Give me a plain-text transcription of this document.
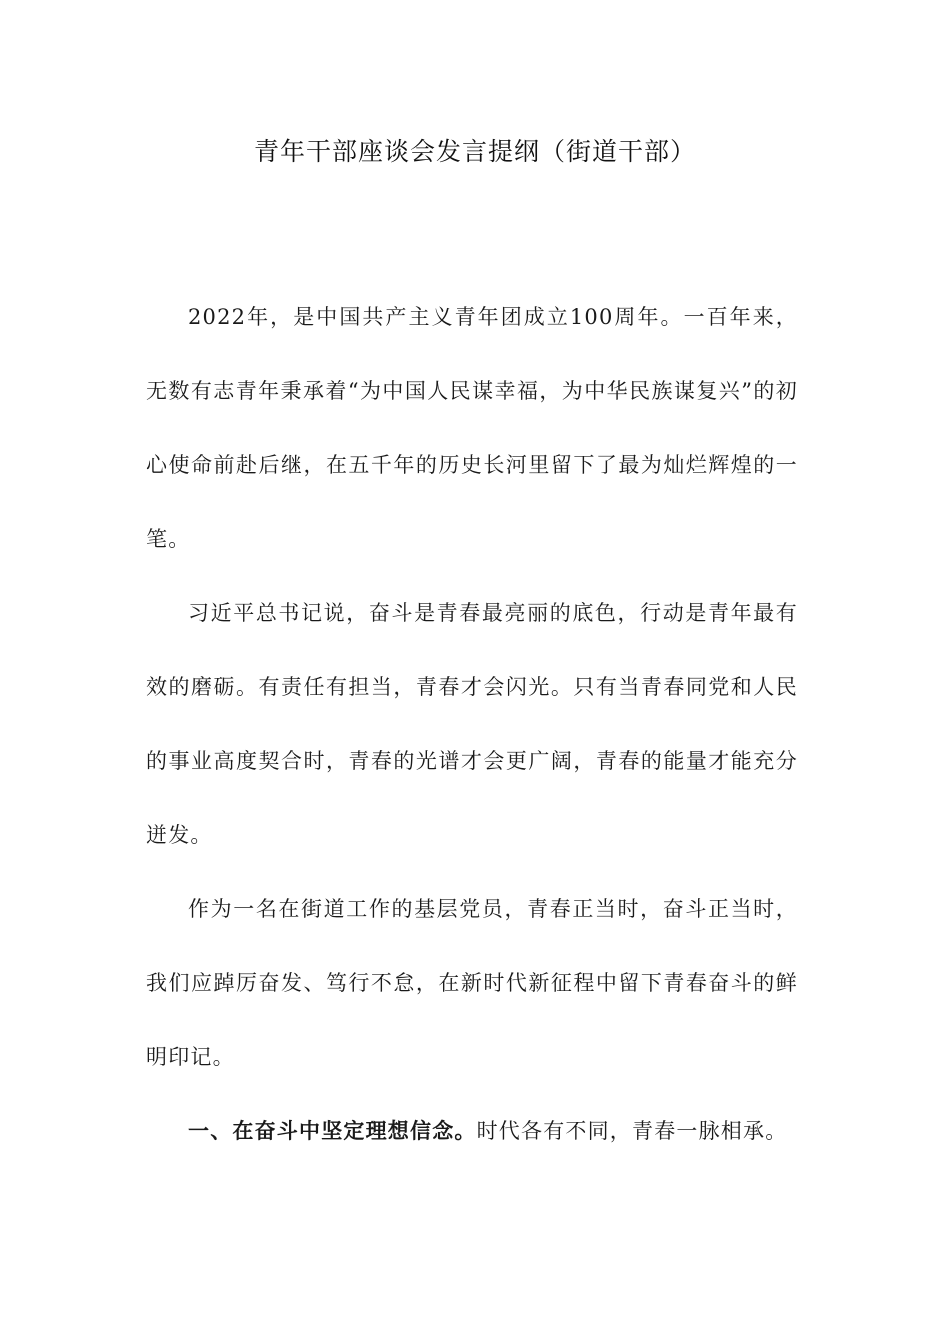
青年干部座谈会发言提纲（街道干部）

2022年，是中国共产主义青年团成立100周年。一百年来，无数有志青年秉承着“为中国人民谋幸福，为中华民族谋复兴”的初心使命前赴后继，在五千年的历史长河里留下了最为灿烂辉煌的一笔。

习近平总书记说，奋斗是青春最亮丽的底色，行动是青年最有效的磨砺。有责任有担当，青春才会闪光。只有当青春同党和人民的事业高度契合时，青春的光谱才会更广阔，青春的能量才能充分迸发。

作为一名在街道工作的基层党员，青春正当时，奋斗正当时，我们应踔厉奋发、笃行不怠，在新时代新征程中留下青春奋斗的鲜明印记。

一、在奋斗中坚定理想信念。时代各有不同，青春一脉相承。
